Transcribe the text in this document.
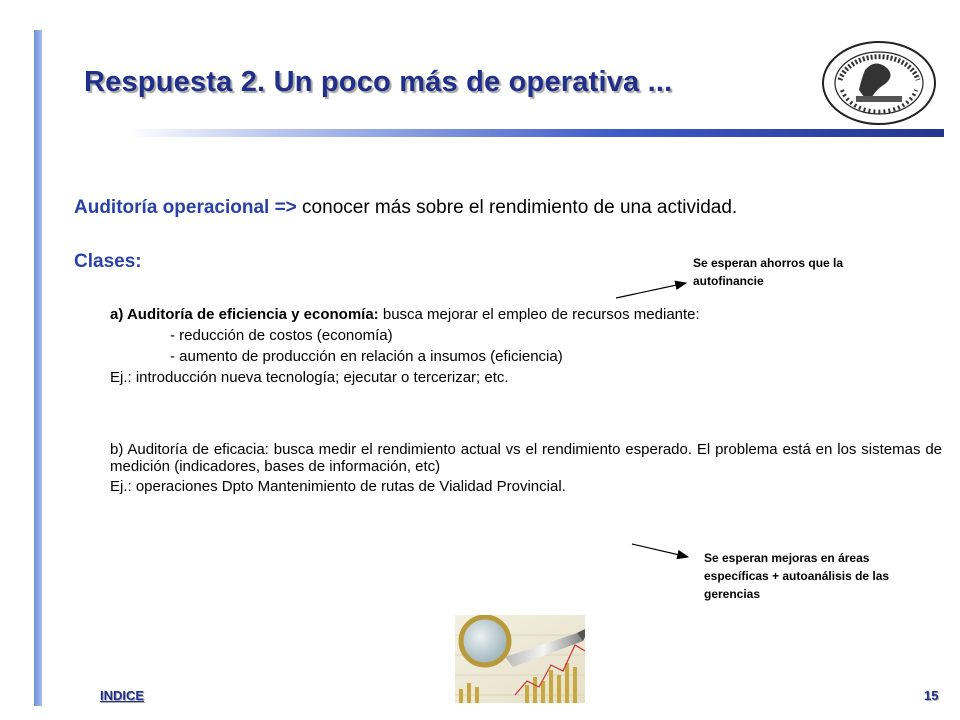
Respuesta 2. Un poco más de operativa ...
Auditoría operacional => conocer más sobre el rendimiento de una actividad.
Clases:
a) Auditoría de eficiencia y economía: busca mejorar el empleo de recursos mediante:
- reducción de costos (economía)
- aumento de producción en relación a insumos (eficiencia)
Ej.: introducción nueva tecnología; ejecutar o tercerizar; etc.
b) Auditoría de eficacia: busca medir el rendimiento actual vs el rendimiento esperado. El problema está en los sistemas de medición (indicadores, bases de información, etc)
Ej.: operaciones Dpto Mantenimiento de rutas de Vialidad Provincial.
Se esperan ahorros que la
autofinancie
Se esperan mejoras en áreas
específicas + autoanálisis de las
gerencias
INDICE	15
